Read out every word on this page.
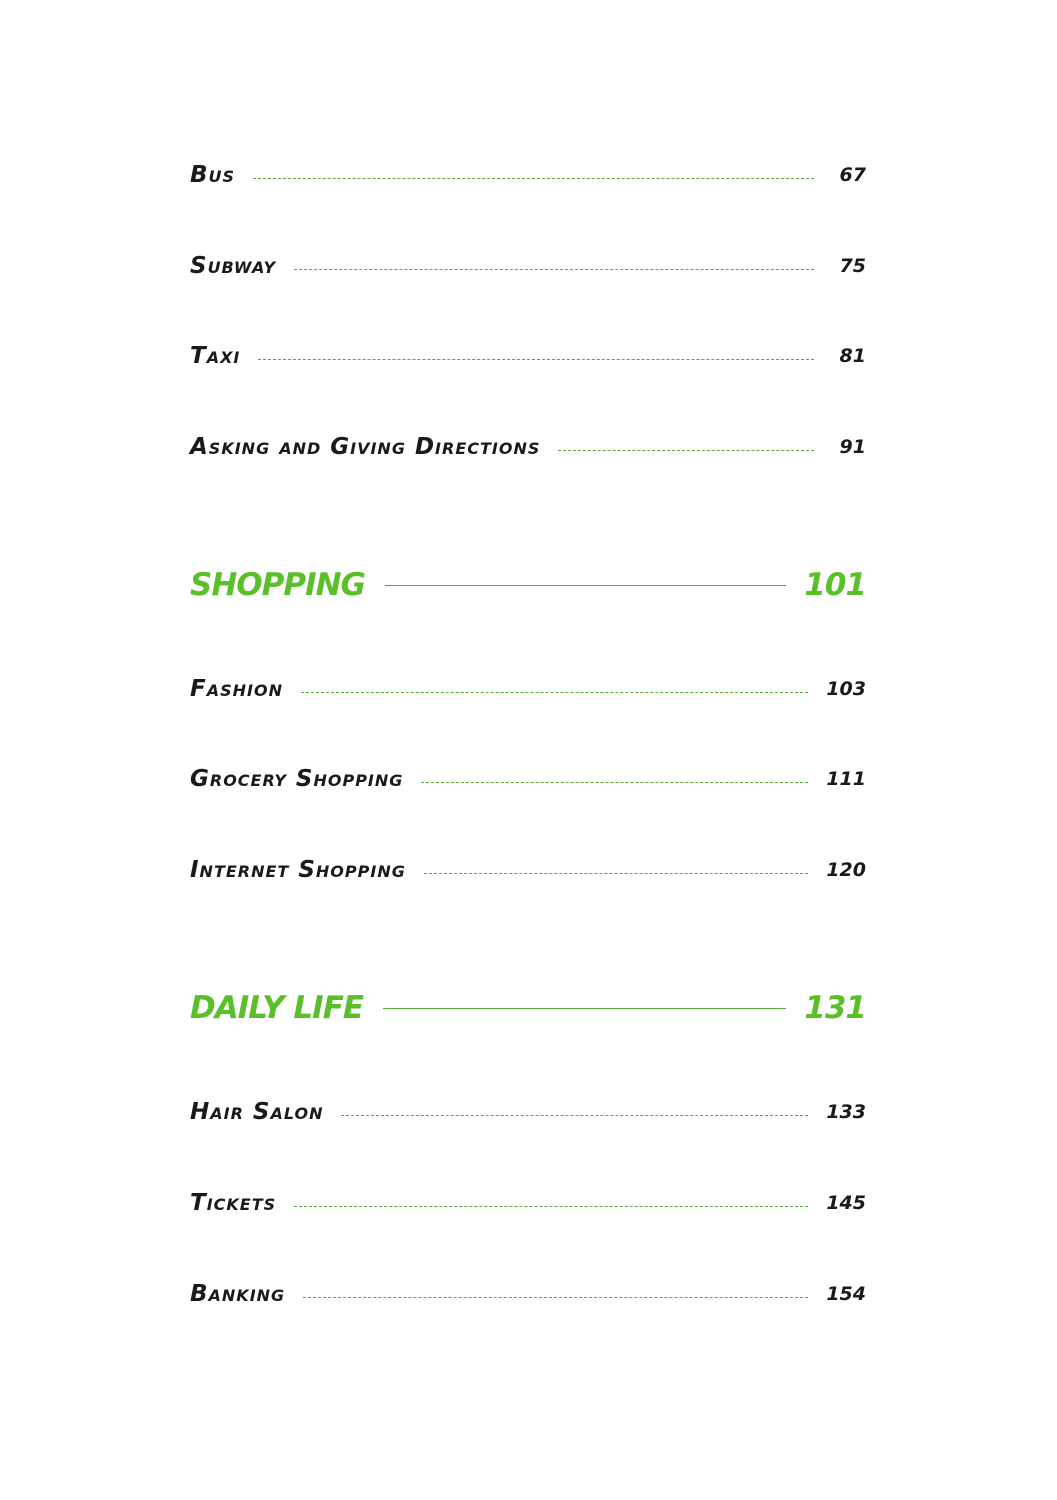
Bus	67
Subway	75
Taxi	81
Asking and Giving Directions	91
SHOPPING	101
Fashion	103
Grocery Shopping	111
Internet Shopping	120
DAILY LIFE	131
Hair Salon	133
Tickets	145
Banking	154
